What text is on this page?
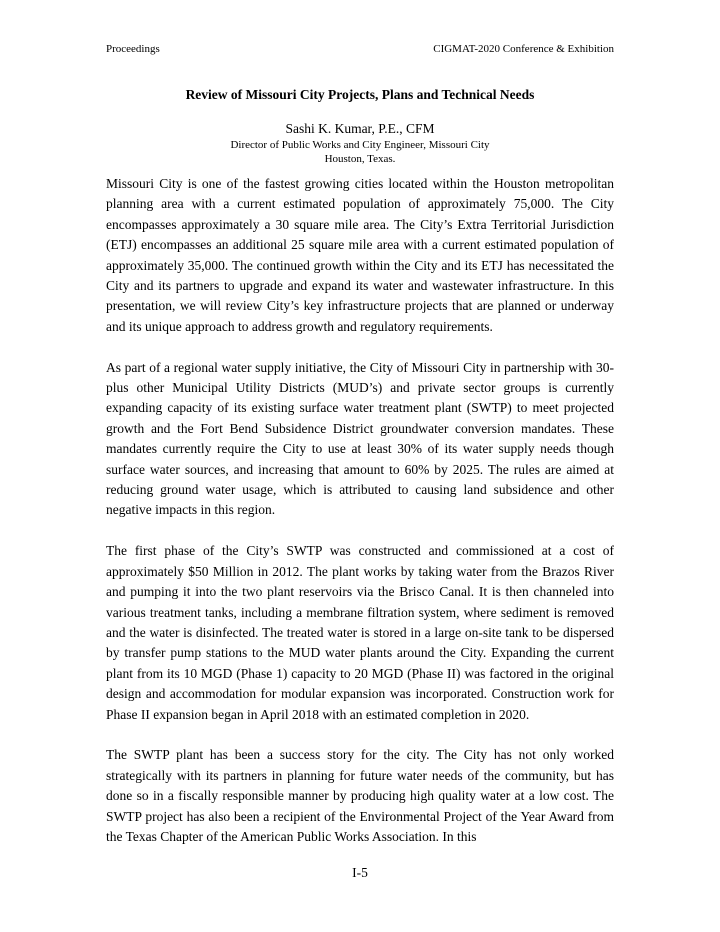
Proceedings	CIGMAT-2020 Conference & Exhibition
Review of Missouri City Projects, Plans and Technical Needs
Sashi K. Kumar, P.E., CFM
Director of Public Works and City Engineer, Missouri City
Houston, Texas.

Missouri City is one of the fastest growing cities located within the Houston metropolitan planning area with a current estimated population of approximately 75,000. The City encompasses approximately a 30 square mile area. The City’s Extra Territorial Jurisdiction (ETJ) encompasses an additional 25 square mile area with a current estimated population of approximately 35,000. The continued growth within the City and its ETJ has necessitated the City and its partners to upgrade and expand its water and wastewater infrastructure. In this presentation, we will review City’s key infrastructure projects that are planned or underway and its unique approach to address growth and regulatory requirements.

As part of a regional water supply initiative, the City of Missouri City in partnership with 30-plus other Municipal Utility Districts (MUD’s) and private sector groups is currently expanding capacity of its existing surface water treatment plant (SWTP) to meet projected growth and the Fort Bend Subsidence District groundwater conversion mandates. These mandates currently require the City to use at least 30% of its water supply needs though surface water sources, and increasing that amount to 60% by 2025. The rules are aimed at reducing ground water usage, which is attributed to causing land subsidence and other negative impacts in this region.

The first phase of the City’s SWTP was constructed and commissioned at a cost of approximately $50 Million in 2012. The plant works by taking water from the Brazos River and pumping it into the two plant reservoirs via the Brisco Canal. It is then channeled into various treatment tanks, including a membrane filtration system, where sediment is removed and the water is disinfected. The treated water is stored in a large on-site tank to be dispersed by transfer pump stations to the MUD water plants around the City. Expanding the current plant from its 10 MGD (Phase 1) capacity to 20 MGD (Phase II) was factored in the original design and accommodation for modular expansion was incorporated. Construction work for Phase II expansion began in April 2018 with an estimated completion in 2020.

The SWTP plant has been a success story for the city. The City has not only worked strategically with its partners in planning for future water needs of the community, but has done so in a fiscally responsible manner by producing high quality water at a low cost. The SWTP project has also been a recipient of the Environmental Project of the Year Award from the Texas Chapter of the American Public Works Association. In this

I-5
